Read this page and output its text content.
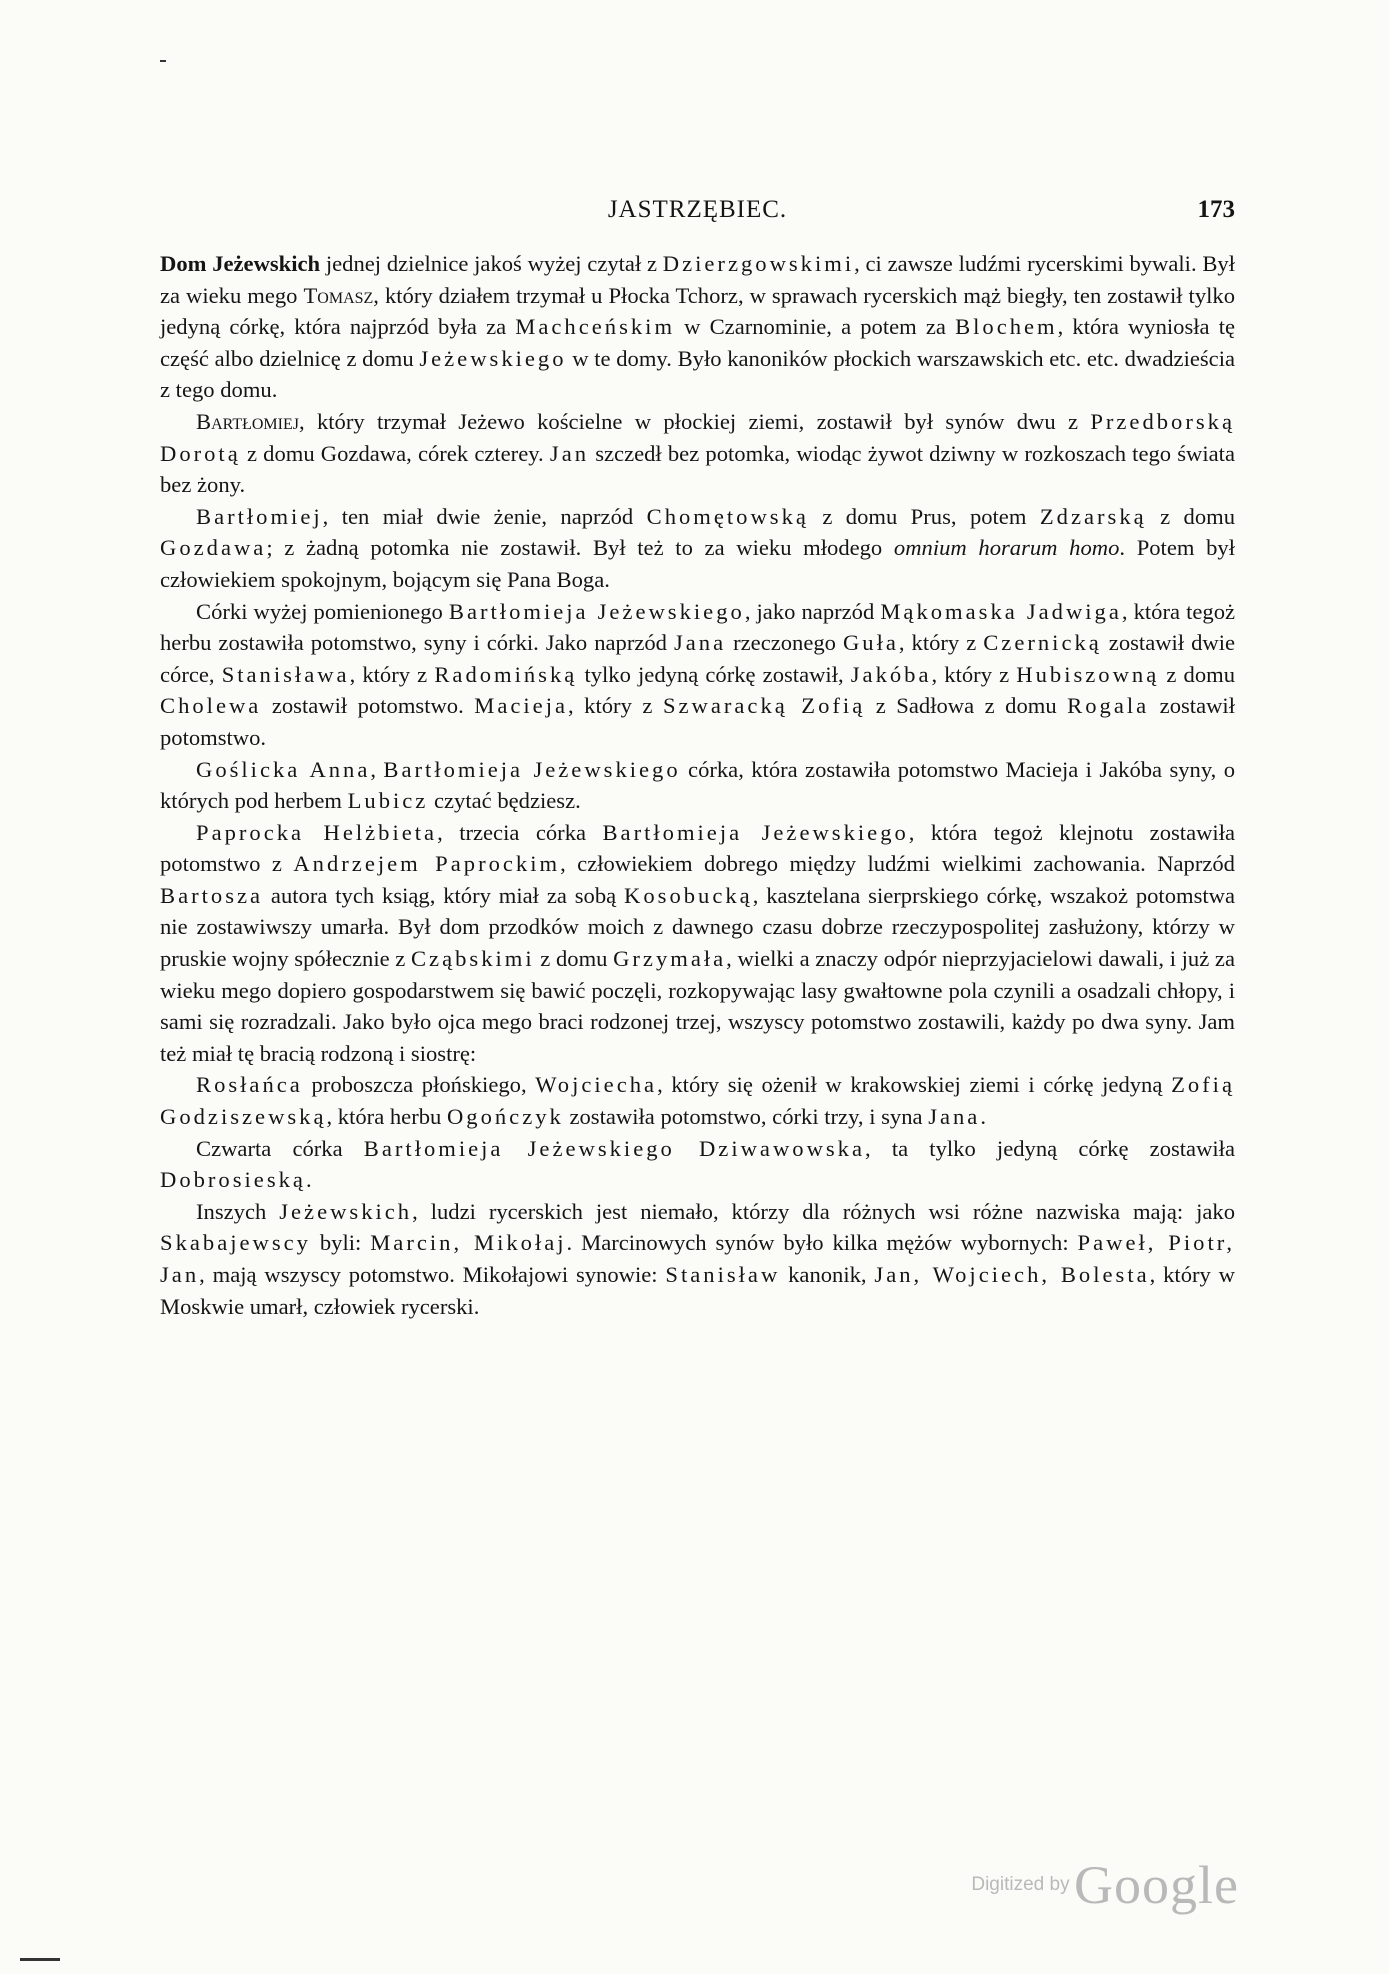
JASTRZĘBIEC.	173

Dom Jeżewskich jednej dzielnice jakoś wyżej czytał z Dzierzgowskimi, ci zawsze ludźmi rycerskimi bywali. Był za wieku mego Tomasz, który działem trzymał u Płocka Tchorz, w sprawach rycerskich mąż biegły, ten zostawił tylko jedyną córkę, która najprzód była za Machceńskim w Czarnominie, a potem za Blochem, która wyniosła tę część albo dzielnicę z domu Jeżewskiego w te domy. Było kanoników płockich warszawskich etc. etc. dwadzieścia z tego domu.

Bartłomiej, który trzymał Jeżewo kościelne w płockiej ziemi, zostawił był synów dwu z Przedborską Dorotą z domu Gozdawa, córek czterey. Jan szczedł bez potomka, wiodąc żywot dziwny w rozkoszach tego świata bez żony.

Bartłomiej, ten miał dwie żenie, naprzód Chomętowską z domu Prus, potem Zdzarską z domu Gozdawa; z żadną potomka nie zostawił. Był też to za wieku młodego omnium horarum homo. Potem był człowiekiem spokojnym, bojącym się Pana Boga.

Córki wyżej pomienionego Bartłomieja Jeżewskiego, jako naprzód Mąkomaska Jadwiga, która tegoż herbu zostawiła potomstwo, syny i córki. Jako naprzód Jana rzeczonego Guła, który z Czernicką zostawił dwie córce, Stanisława, który z Radomińską tylko jedyną córkę zostawił, Jakóba, który z Hubiszowną z domu Cholewa zostawił potomstwo. Macieja, który z Szwaracką Zofią z Sadłowa z domu Rogala zostawił potomstwo.

Goślicka Anna, Bartłomieja Jeżewskiego córka, która zostawiła potomstwo Macieja i Jakóba syny, o których pod herbem Lubicz czytać będziesz.

Paprocka Helżbieta, trzecia córka Bartłomieja Jeżewskiego, która tegoż klejnotu zostawiła potomstwo z Andrzejem Paprockim, człowiekiem dobrego między ludźmi wielkimi zachowania. Naprzód Bartosza autora tych ksiąg, który miał za sobą Kosobucką, kasztelana sierprskiego córkę, wszakoż potomstwa nie zostawiwszy umarła. Był dom przodków moich z dawnego czasu dobrze rzeczypospolitej zasłużony, którzy w pruskie wojny spółecznie z Cząbskimi z domu Grzymała, wielki a znaczy odpór nieprzyjacielowi dawali, i już za wieku mego dopiero gospodarstwem się bawić poczęli, rozkopywając lasy gwałtowne pola czynili a osadzali chłopy, i sami się rozradzali. Jako było ojca mego braci rodzonej trzej, wszyscy potomstwo zostawili, każdy po dwa syny. Jam też miał tę bracią rodzoną i siostrę:

Rosłańca proboszcza płońskiego, Wojciecha, który się ożenił w krakowskiej ziemi i córkę jedyną Zofią Godziszewską, która herbu Ogończyk zostawiła potomstwo, córki trzy, i syna Jana.

Czwarta córka Bartłomieja Jeżewskiego Dziwawowska, ta tylko jedyną córkę zostawiła Dobrosieską.

Inszych Jeżewskich, ludzi rycerskich jest niemało, którzy dla różnych wsi różne nazwiska mają: jako Skabajewscy byli: Marcin, Mikołaj. Marcinowych synów było kilka mężów wybornych: Paweł, Piotr, Jan, mają wszyscy potomstwo. Mikołajowi synowie: Stanisław kanonik, Jan, Wojciech, Bolesta, który w Moskwie umarł, człowiek rycerski.

Digitized by Google
